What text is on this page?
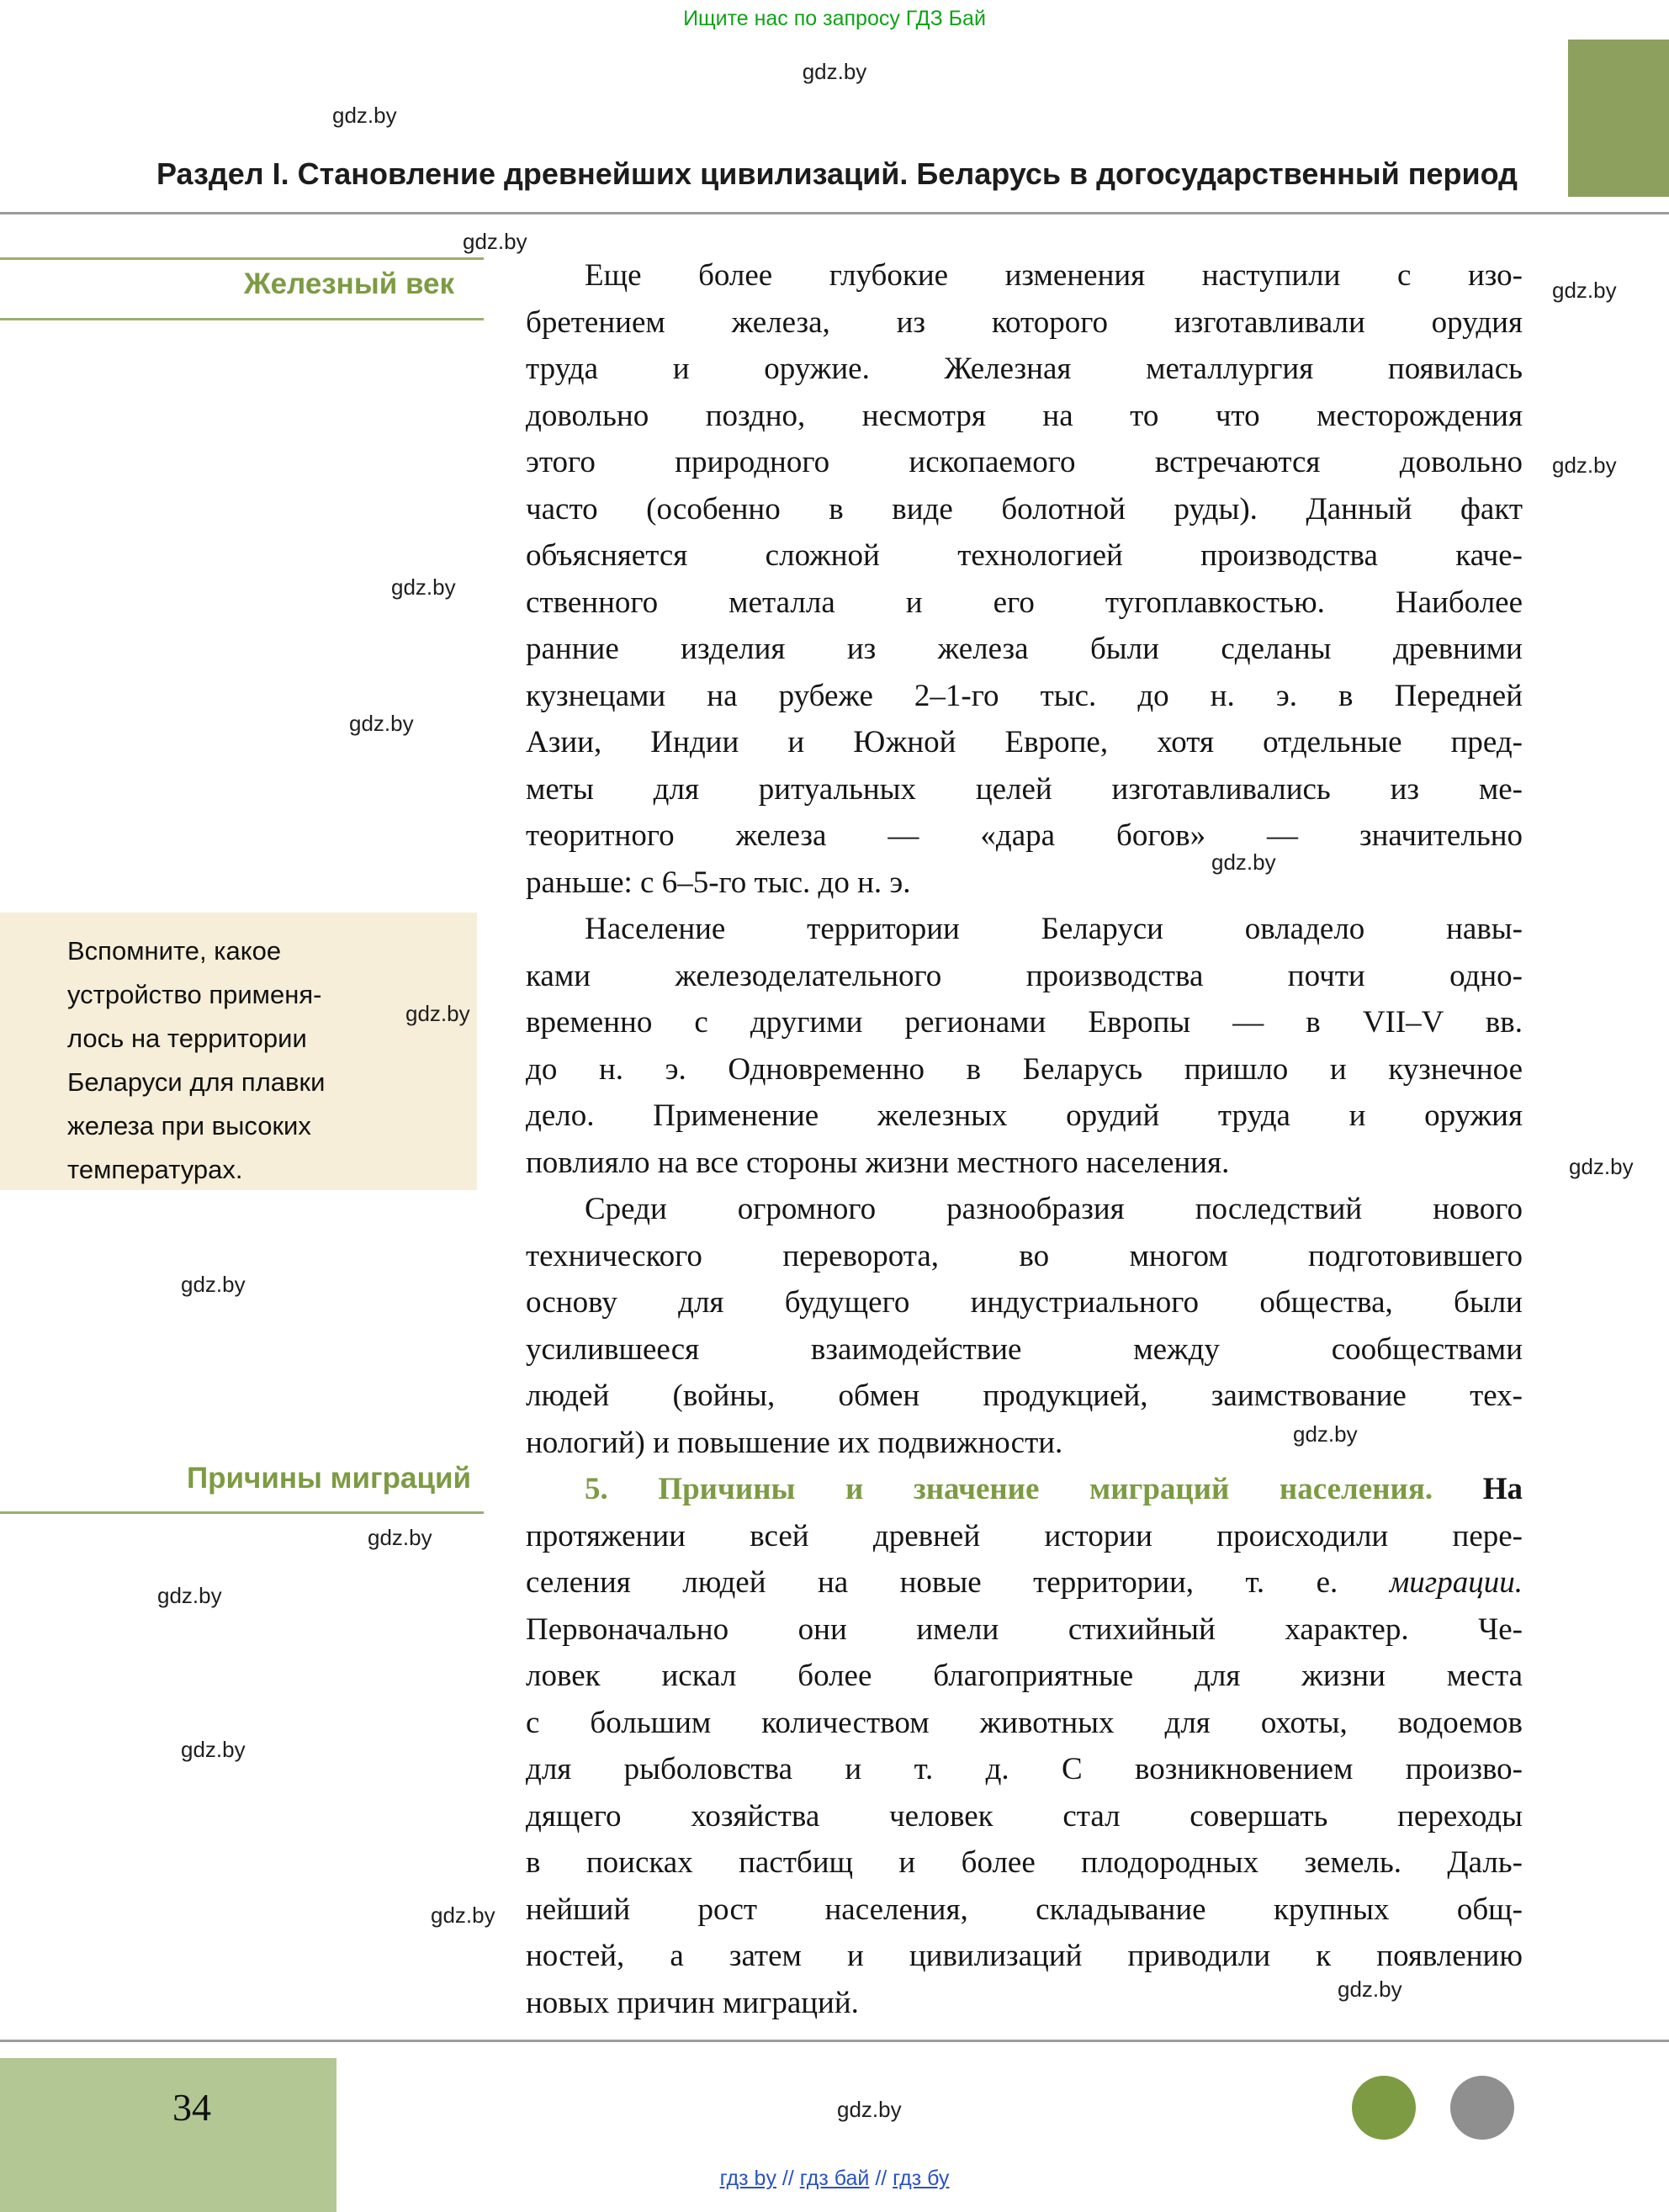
Ищите нас по запросу ГДЗ Бай
gdz.by
gdz.by
gdz.by
gdz.by
gdz.by
gdz.by
gdz.by
gdz.by
gdz.by
gdz.by
gdz.by
gdz.by
gdz.by
gdz.by
gdz.by
gdz.by
gdz.by
gdz.by
Раздел I. Становление древнейших цивилизаций. Беларусь в догосударственный период
Железный век
Вспомните, какое
устройство применя-
лось на территории
Беларуси для плавки
железа при высоких
температурах.
Причины миграций
Еще более глубокие изменения наступили с изо-
бретением железа, из которого изготавливали орудия
труда и оружие. Железная металлургия появилась
довольно поздно, несмотря на то что месторождения
этого природного ископаемого встречаются довольно
часто (особенно в виде болотной руды). Данный факт
объясняется сложной технологией производства каче-
ственного металла и его тугоплавкостью. Наиболее
ранние изделия из железа были сделаны древними
кузнецами на рубеже 2–1-го тыс. до н. э. в Передней
Азии, Индии и Южной Европе, хотя отдельные пред-
меты для ритуальных целей изготавливались из ме-
теоритного железа — «дара богов» — значительно
раньше: с 6–5-го тыс. до н. э.
Население территории Беларуси овладело навы-
ками железоделательного производства почти одно-
временно с другими регионами Европы — в VII–V вв.
до н. э. Одновременно в Беларусь пришло и кузнечное
дело. Применение железных орудий труда и оружия
повлияло на все стороны жизни местного населения.
Среди огромного разнообразия последствий нового
технического переворота, во многом подготовившего
основу для будущего индустриального общества, были
усилившееся взаимодействие между сообществами
людей (войны, обмен продукцией, заимствование тех-
нологий) и повышение их подвижности.
5. Причины и значение миграций населения. На
протяжении всей древней истории происходили пере-
селения людей на новые территории, т. е. миграции.
Первоначально они имели стихийный характер. Че-
ловек искал более благоприятные для жизни места
с большим количеством животных для охоты, водоемов
для рыболовства и т. д. С возникновением произво-
дящего хозяйства человек стал совершать переходы
в поисках пастбищ и более плодородных земель. Даль-
нейший рост населения, складывание крупных общ-
ностей, а затем и цивилизаций приводили к появлению
новых причин миграций.
34
гдз by // гдз бай // гдз бу
